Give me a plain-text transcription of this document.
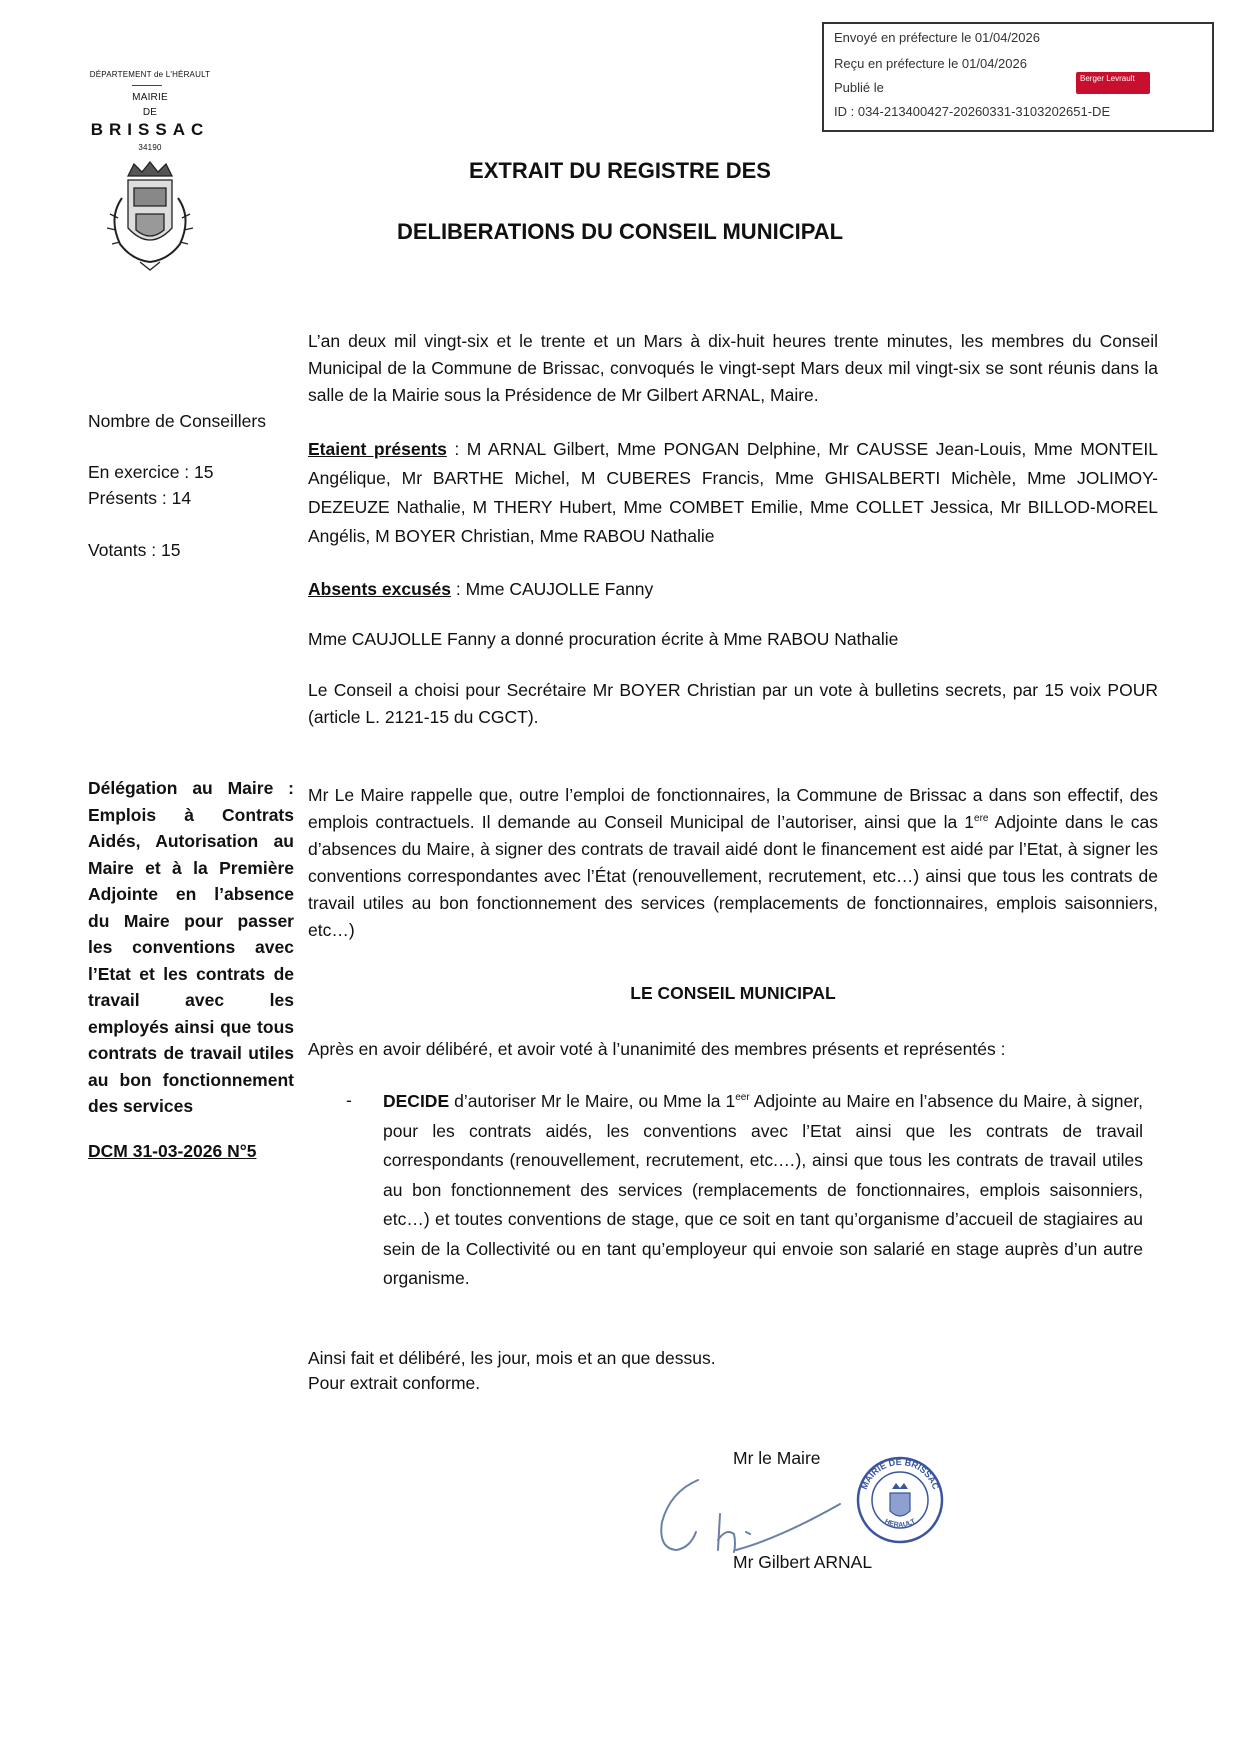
Envoyé en préfecture le 01/04/2026
Reçu en préfecture le 01/04/2026
Publié le
ID : 034-213400427-20260331-3103202651-DE
Berger Levrault
DÉPARTEMENT de L'HÉRAULT
MAIRIE
DE
BRISSAC
34190
EXTRAIT DU REGISTRE DES
DELIBERATIONS DU CONSEIL MUNICIPAL
Nombre de Conseillers
En exercice : 15
Présents : 14
Votants : 15
L’an deux mil vingt-six et le trente et un Mars à dix-huit heures trente minutes, les membres du Conseil Municipal de la Commune de Brissac, convoqués le vingt-sept Mars deux mil vingt-six se sont réunis dans la salle de la Mairie sous la Présidence de Mr Gilbert ARNAL, Maire.
Etaient présents : M ARNAL Gilbert, Mme PONGAN Delphine, Mr CAUSSE Jean-Louis, Mme MONTEIL Angélique, Mr BARTHE Michel, M CUBERES Francis, Mme GHISALBERTI Michèle, Mme JOLIMOY-DEZEUZE Nathalie, M THERY Hubert, Mme COMBET Emilie, Mme COLLET Jessica, Mr BILLOD-MOREL Angélis, M BOYER Christian, Mme RABOU Nathalie
Absents excusés : Mme CAUJOLLE Fanny
Mme CAUJOLLE Fanny a donné procuration écrite à Mme RABOU Nathalie
Le Conseil a choisi pour Secrétaire Mr BOYER Christian par un vote à bulletins secrets, par 15 voix POUR (article L. 2121-15 du CGCT).
Délégation au Maire : Emplois à Contrats Aidés, Autorisation au Maire et à la Première Adjointe en l’absence du Maire pour passer les conventions avec l’Etat et les contrats de travail avec les employés ainsi que tous contrats de travail utiles au bon fonctionnement des services
DCM 31-03-2026 N°5
Mr Le Maire rappelle que, outre l’emploi de fonctionnaires, la Commune de Brissac a dans son effectif, des emplois contractuels. Il demande au Conseil Municipal de l’autoriser, ainsi que la 1ere Adjointe dans le cas d’absences du Maire, à signer des contrats de travail aidé dont le financement est aidé par l’Etat, à signer les conventions correspondantes avec l’État (renouvellement, recrutement, etc…) ainsi que tous les contrats de travail utiles au bon fonctionnement des services (remplacements de fonctionnaires, emplois saisonniers, etc…)
LE CONSEIL MUNICIPAL
Après en avoir délibéré, et avoir voté à l’unanimité des membres présents et représentés :
- DECIDE d’autoriser Mr le Maire, ou Mme la $1^{eer}$ Adjointe au Maire en l’absence du Maire, à signer, pour les contrats aidés, les conventions avec l’Etat ainsi que les contrats de travail correspondants (renouvellement, recrutement, etc.…), ainsi que tous les contrats de travail utiles au bon fonctionnement des services (remplacements de fonctionnaires, emplois saisonniers, etc…) et toutes conventions de stage, que ce soit en tant qu’organisme d’accueil de stagiaires au sein de la Collectivité ou en tant qu’employeur qui envoie son salarié en stage auprès d’un autre organisme.
Ainsi fait et délibéré, les jour, mois et an que dessus.
Pour extrait conforme.
Mr le Maire
MAIRIE DE BRISSAC
HERAULT
Mr Gilbert ARNAL
